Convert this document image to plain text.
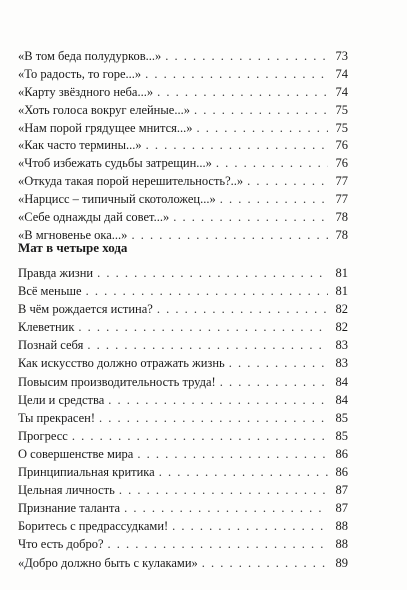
«В том беда полудурков...» . . .	73
«То радость, то горе...» . . .	74
«Карту звёздного неба...» . . .	74
«Хоть голоса вокруг елейные...» . . .	75
«Нам порой грядущее мнится...» . . .	75
«Как часто термины...» . . .	76
«Чтоб избежать судьбы затрещин...» . . .	76
«Откуда такая порой нерешительность?..» . . .	77
«Нарцисс – типичный скотоложец...» . . .	77
«Себе однажды дай совет...» . . .	78
«В мгновенье ока...» . . .	78
Мат в четыре хода
Правда жизни . . .	81
Всё меньше . . .	81
В чём рождается истина? . . .	82
Клеветник . . .	82
Познай себя . . .	83
Как искусство должно отражать жизнь . . .	83
Повысим производительность труда! . . .	84
Цели и средства . . .	84
Ты прекрасен! . . .	85
Прогресс . . .	85
О совершенстве мира . . .	86
Принципиальная критика . . .	86
Цельная личность . . .	87
Признание таланта . . .	87
Боритесь с предрассудками! . . .	88
Что есть добро? . . .	88
«Добро должно быть с кулаками» . . .	89
